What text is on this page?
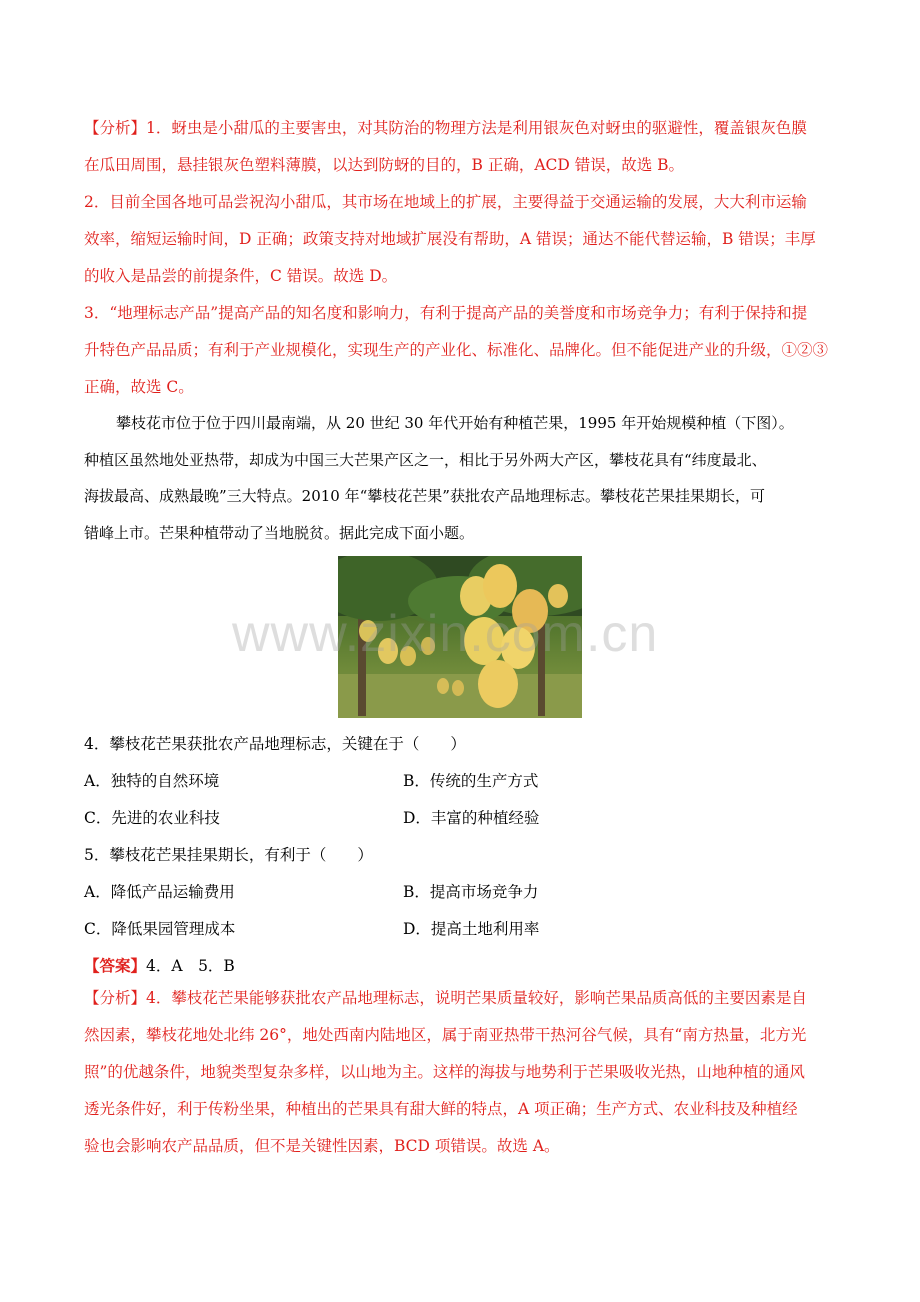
【分析】1．蚜虫是小甜瓜的主要害虫，对其防治的物理方法是利用银灰色对蚜虫的驱避性，覆盖银灰色膜
在瓜田周围，悬挂银灰色塑料薄膜，以达到防蚜的目的，B 正确，ACD 错误，故选 B。
2．目前全国各地可品尝祝沟小甜瓜，其市场在地域上的扩展，主要得益于交通运输的发展，大大利市运输
效率，缩短运输时间，D 正确；政策支持对地域扩展没有帮助，A 错误；通达不能代替运输，B 错误；丰厚
的收入是品尝的前提条件，C 错误。故选 D。
3．“地理标志产品”提高产品的知名度和影响力，有利于提高产品的美誉度和市场竞争力；有利于保持和提
升特色产品品质；有利于产业规模化，实现生产的产业化、标准化、品牌化。但不能促进产业的升级，①②③
正确，故选 C。
攀枝花市位于位于四川最南端，从 20 世纪 30 年代开始有种植芒果，1995 年开始规模种植（下图）。
种植区虽然地处亚热带，却成为中国三大芒果产区之一，相比于另外两大产区，攀枝花具有“纬度最北、
海拔最高、成熟最晚”三大特点。2010 年“攀枝花芒果”获批农产品地理标志。攀枝花芒果挂果期长，可
错峰上市。芒果种植带动了当地脱贫。据此完成下面小题。
www.zixin.com.cn
4．攀枝花芒果获批农产品地理标志，关键在于（　　）
A．独特的自然环境	B．传统的生产方式
C．先进的农业科技	D．丰富的种植经验
5．攀枝花芒果挂果期长，有利于（　　）
A．降低产品运输费用	B．提高市场竞争力
C．降低果园管理成本	D．提高土地利用率
【答案】4．A　5．B
【分析】4．攀枝花芒果能够获批农产品地理标志，说明芒果质量较好，影响芒果品质高低的主要因素是自
然因素，攀枝花地处北纬 26°，地处西南内陆地区，属于南亚热带干热河谷气候，具有“南方热量，北方光
照”的优越条件，地貌类型复杂多样，以山地为主。这样的海拔与地势利于芒果吸收光热，山地种植的通风
透光条件好，利于传粉坐果，种植出的芒果具有甜大鲜的特点，A 项正确；生产方式、农业科技及种植经
验也会影响农产品品质，但不是关键性因素，BCD 项错误。故选 A。
